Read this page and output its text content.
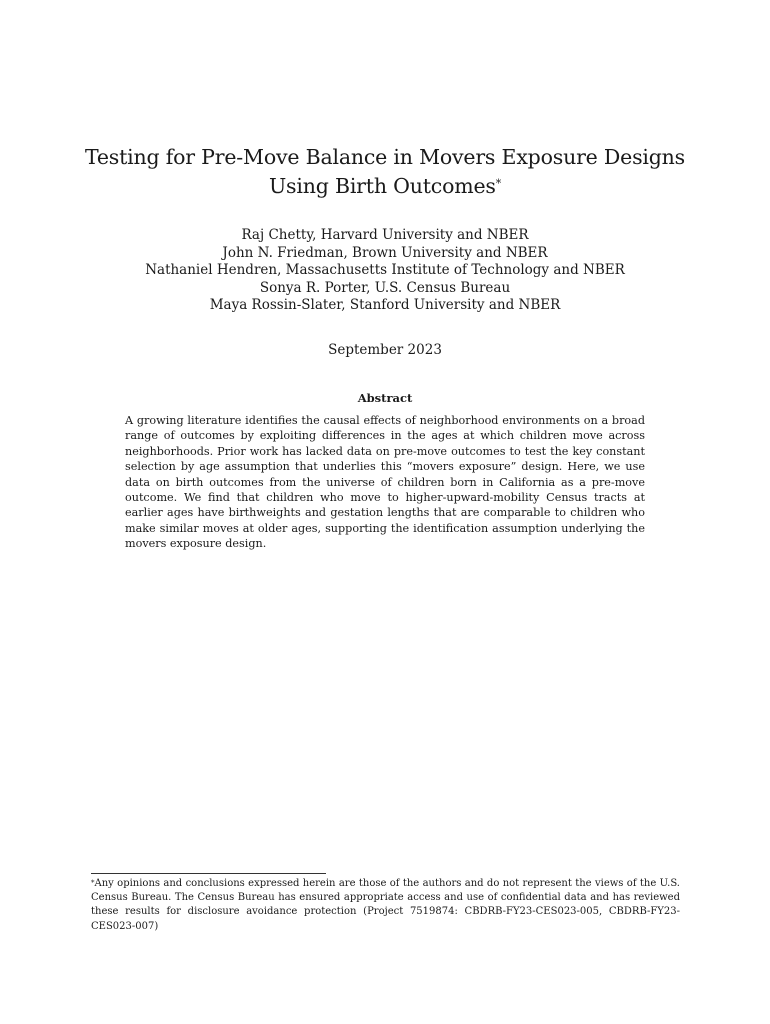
Testing for Pre-Move Balance in Movers Exposure Designs Using Birth Outcomes*
Raj Chetty, Harvard University and NBER
John N. Friedman, Brown University and NBER
Nathaniel Hendren, Massachusetts Institute of Technology and NBER
Sonya R. Porter, U.S. Census Bureau
Maya Rossin-Slater, Stanford University and NBER
September 2023
Abstract

A growing literature identifies the causal effects of neighborhood environments on a broad range of outcomes by exploiting differences in the ages at which children move across neighborhoods. Prior work has lacked data on pre-move outcomes to test the key constant selection by age assumption that underlies this “movers exposure” design. Here, we use data on birth outcomes from the universe of children born in California as a pre-move outcome. We find that children who move to higher-upward-mobility Census tracts at earlier ages have birthweights and gestation lengths that are comparable to children who make similar moves at older ages, supporting the identification assumption underlying the movers exposure design.

*Any opinions and conclusions expressed herein are those of the authors and do not represent the views of the U.S. Census Bureau. The Census Bureau has ensured appropriate access and use of confidential data and has reviewed these results for disclosure avoidance protection (Project 7519874: CBDRB-FY23-CES023-005, CBDRB-FY23-CES023-007)
